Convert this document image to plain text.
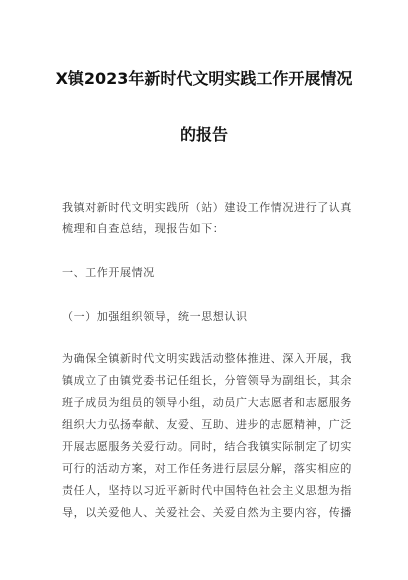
X镇2023年新时代文明实践工作开展情况
的报告
我镇对新时代文明实践所（站）建设工作情况进行了认真
梳理和自查总结，现报告如下：
一、工作开展情况
（一）加强组织领导，统一思想认识
为确保全镇新时代文明实践活动整体推进、深入开展，我
镇成立了由镇党委书记任组长，分管领导为副组长，其余
班子成员为组员的领导小组，动员广大志愿者和志愿服务
组织大力弘扬奉献、友爱、互助、进步的志愿精神，广泛
开展志愿服务关爱行动。同时，结合我镇实际制定了切实
可行的活动方案，对工作任务进行层层分解，落实相应的
责任人，坚持以习近平新时代中国特色社会主义思想为指
导，以关爱他人、关爱社会、关爱自然为主要内容，传播
